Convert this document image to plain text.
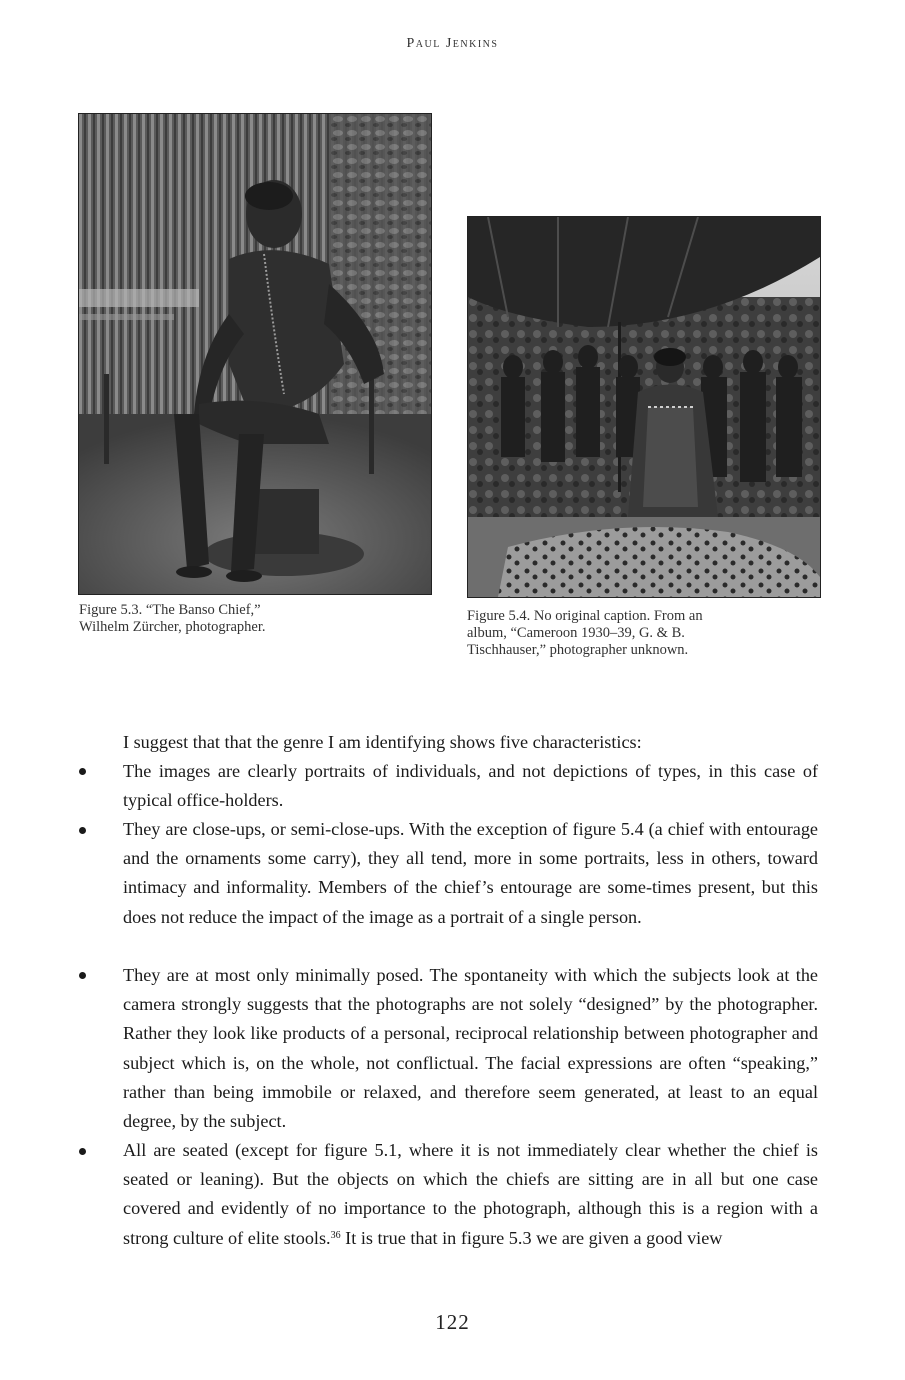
Paul Jenkins
Figure 5.3. “The Banso Chief,”
Wilhelm Zürcher, photographer.
Figure 5.4. No original caption. From an
album, “Cameroon 1930–39, G. & B.
Tischhauser,” photographer unknown.
I suggest that that the genre I am identifying shows five characteristics:

The images are clearly portraits of individuals, and not depictions of types, in this case of typical office-holders.

They are close-ups, or semi-close-ups. With the exception of figure 5.4 (a chief with entourage and the ornaments some carry), they all tend, more in some portraits, less in others, toward intimacy and informality. Members of the chief’s entourage are some-times present, but this does not reduce the impact of the image as a portrait of a single person.

They are at most only minimally posed. The spontaneity with which the subjects look at the camera strongly suggests that the photographs are not solely “designed” by the photographer. Rather they look like products of a personal, reciprocal relationship between photographer and subject which is, on the whole, not conflictual. The facial expressions are often “speaking,” rather than being immobile or relaxed, and therefore seem generated, at least to an equal degree, by the subject.

All are seated (except for figure 5.1, where it is not immediately clear whether the chief is seated or leaning). But the objects on which the chiefs are sitting are in all but one case covered and evidently of no importance to the photograph, although this is a region with a strong culture of elite stools.$^{36}$ It is true that in figure 5.3 we are given a good view

122
